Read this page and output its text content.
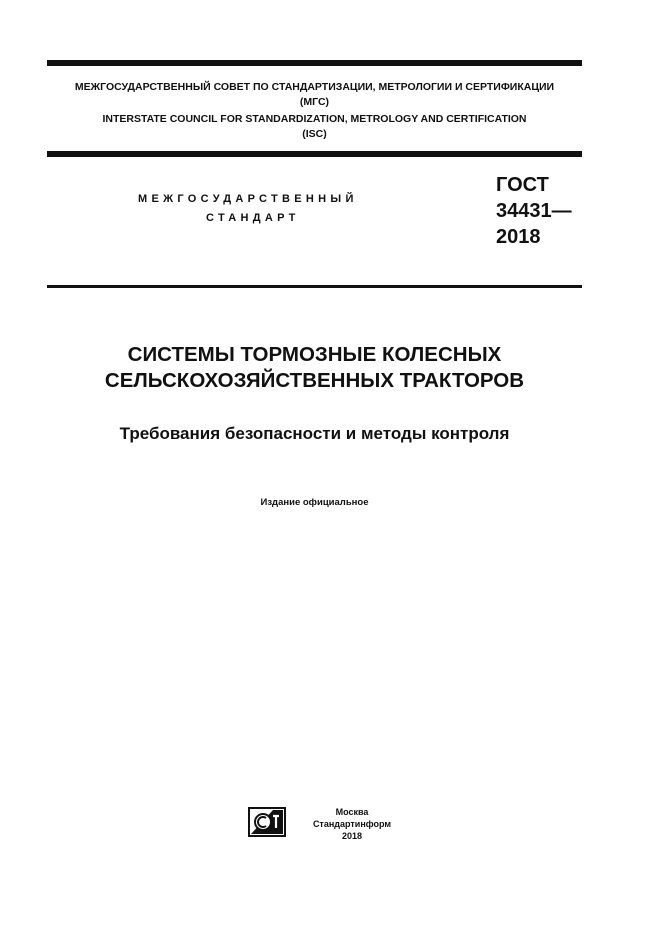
МЕЖГОСУДАРСТВЕННЫЙ СОВЕТ ПО СТАНДАРТИЗАЦИИ, МЕТРОЛОГИИ И СЕРТИФИКАЦИИ
(МГС)
INTERSTATE COUNCIL FOR STANDARDIZATION, METROLOGY AND CERTIFICATION
(ISC)
МЕЖГОСУДАРСТВЕННЫЙ
СТАНДАРТ
ГОСТ
34431—
2018
СИСТЕМЫ ТОРМОЗНЫЕ КОЛЕСНЫХ
СЕЛЬСКОХОЗЯЙСТВЕННЫХ ТРАКТОРОВ
Требования безопасности и методы контроля
Издание официальное
Москва
Стандартинформ
2018
